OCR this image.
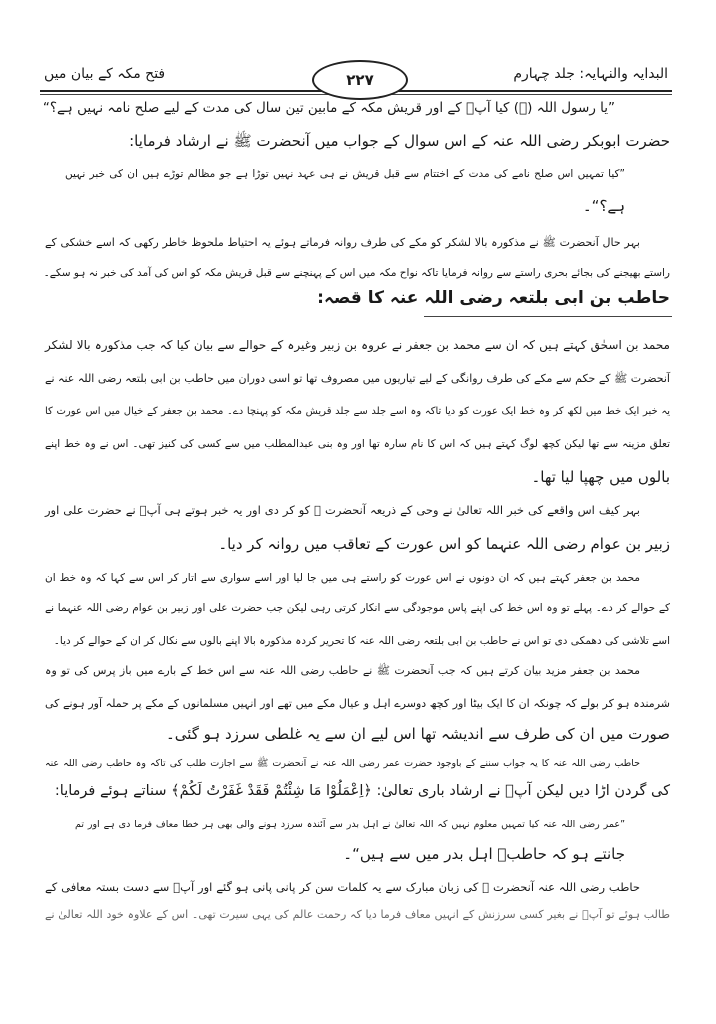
البدایہ والنہایہ: جلد چہارم
فتح مکہ کے بیان میں	۲۲۷
حاطب بن ابی بلتعہ رضی اللہ عنہ کا قصہ:
”یا رسول اللہ (ﷺ) کیا آپؐ کے اور قریش مکہ کے مابین تین سال کی مدت کے لیے صلح نامہ نہیں ہے؟“
حضرت ابوبکر رضی اللہ عنہ کے اس سوال کے جواب میں آنحضرت ﷺ نے ارشاد فرمایا:
”کیا تمہیں اس صلح نامے کی مدت کے اختتام سے قبل قریش نے ہی عہد نہیں توڑا ہے جو مظالم توڑے ہیں ان کی خبر نہیں
ہے؟“۔
بہر حال آنحضرت ﷺ نے مذکورہ بالا لشکر کو مکے کی طرف روانہ فرماتے ہوئے یہ احتیاط ملحوظ خاطر رکھی کہ اسے خشکی کے
راستے بھیجنے کی بجائے بحری راستے سے روانہ فرمایا تاکہ نواح مکہ میں اس کے پہنچنے سے قبل قریش مکہ کو اس کی آمد کی خبر نہ ہو سکے۔
محمد بن اسحٰق کہتے ہیں کہ ان سے محمد بن جعفر نے عروہ بن زبیر وغیرہ کے حوالے سے بیان کیا کہ جب مذکورہ بالا لشکر
آنحضرت ﷺ کے حکم سے مکے کی طرف روانگی کے لیے تیاریوں میں مصروف تھا تو اسی دوران میں حاطب بن ابی بلتعہ رضی اللہ عنہ نے
یہ خبر ایک خط میں لکھ کر وہ خط ایک عورت کو دیا تاکہ وہ اسے جلد سے جلد قریش مکہ کو پہنچا دے۔ محمد بن جعفر کے خیال میں اس عورت کا
تعلق مزینہ سے تھا لیکن کچھ لوگ کہتے ہیں کہ اس کا نام سارہ تھا اور وہ بنی عبدالمطلب میں سے کسی کی کنیز تھی۔ اس نے وہ خط اپنے
بالوں میں چھپا لیا تھا۔
بہر کیف اس واقعے کی خبر اللہ تعالیٰ نے وحی کے ذریعہ آنحضرت ﷺ کو کر دی اور یہ خبر ہوتے ہی آپؐ نے حضرت علی اور
زبیر بن عوام رضی اللہ عنہما کو اس عورت کے تعاقب میں روانہ کر دیا۔
محمد بن جعفر کہتے ہیں کہ ان دونوں نے اس عورت کو راستے ہی میں جا لیا اور اسے سواری سے اتار کر اس سے کہا کہ وہ خط ان
کے حوالے کر دے۔ پہلے تو وہ اس خط کی اپنے پاس موجودگی سے انکار کرتی رہی لیکن جب حضرت علی اور زبیر بن عوام رضی اللہ عنہما نے
اسے تلاشی کی دھمکی دی تو اس نے حاطب بن ابی بلتعہ رضی اللہ عنہ کا تحریر کردہ مذکورہ بالا اپنے بالوں سے نکال کر ان کے حوالے کر دیا۔
محمد بن جعفر مزید بیان کرتے ہیں کہ جب آنحضرت ﷺ نے حاطب رضی اللہ عنہ سے اس خط کے بارے میں باز پرس کی تو وہ
شرمندہ ہو کر بولے کہ چونکہ ان کا ایک بیٹا اور کچھ دوسرے اہل و عیال مکے میں تھے اور انہیں مسلمانوں کے مکے پر حملہ آور ہونے کی
صورت میں ان کی طرف سے اندیشہ تھا اس لیے ان سے یہ غلطی سرزد ہو گئی۔
حاطب رضی اللہ عنہ کا یہ جواب سننے کے باوجود حضرت عمر رضی اللہ عنہ نے آنحضرت ﷺ سے اجازت طلب کی تاکہ وہ حاطب رضی اللہ عنہ
کی گردن اڑا دیں لیکن آپؐ نے ارشاد باری تعالیٰ: ﴿اِعْمَلُوْا مَا شِئْتُمْ فَقَدْ غَفَرْتُ لَكُمْ﴾ سناتے ہوئے فرمایا:
”عمر رضی اللہ عنہ کیا تمہیں معلوم نہیں کہ اللہ تعالیٰ نے اہل بدر سے آئندہ سرزد ہونے والی بھی ہر خطا معاف فرما دی ہے اور تم
جانتے ہو کہ حاطبؓ اہل بدر میں سے ہیں“۔
حاطب رضی اللہ عنہ آنحضرت ﷺ کی زبان مبارک سے یہ کلمات سن کر پانی پانی ہو گئے اور آپؐ سے دست بستہ معافی کے
طالب ہوئے تو آپؐ نے بغیر کسی سرزنش کے انہیں معاف فرما دیا کہ رحمت عالم کی یہی سیرت تھی۔ اس کے علاوہ خود اللہ تعالیٰ نے
